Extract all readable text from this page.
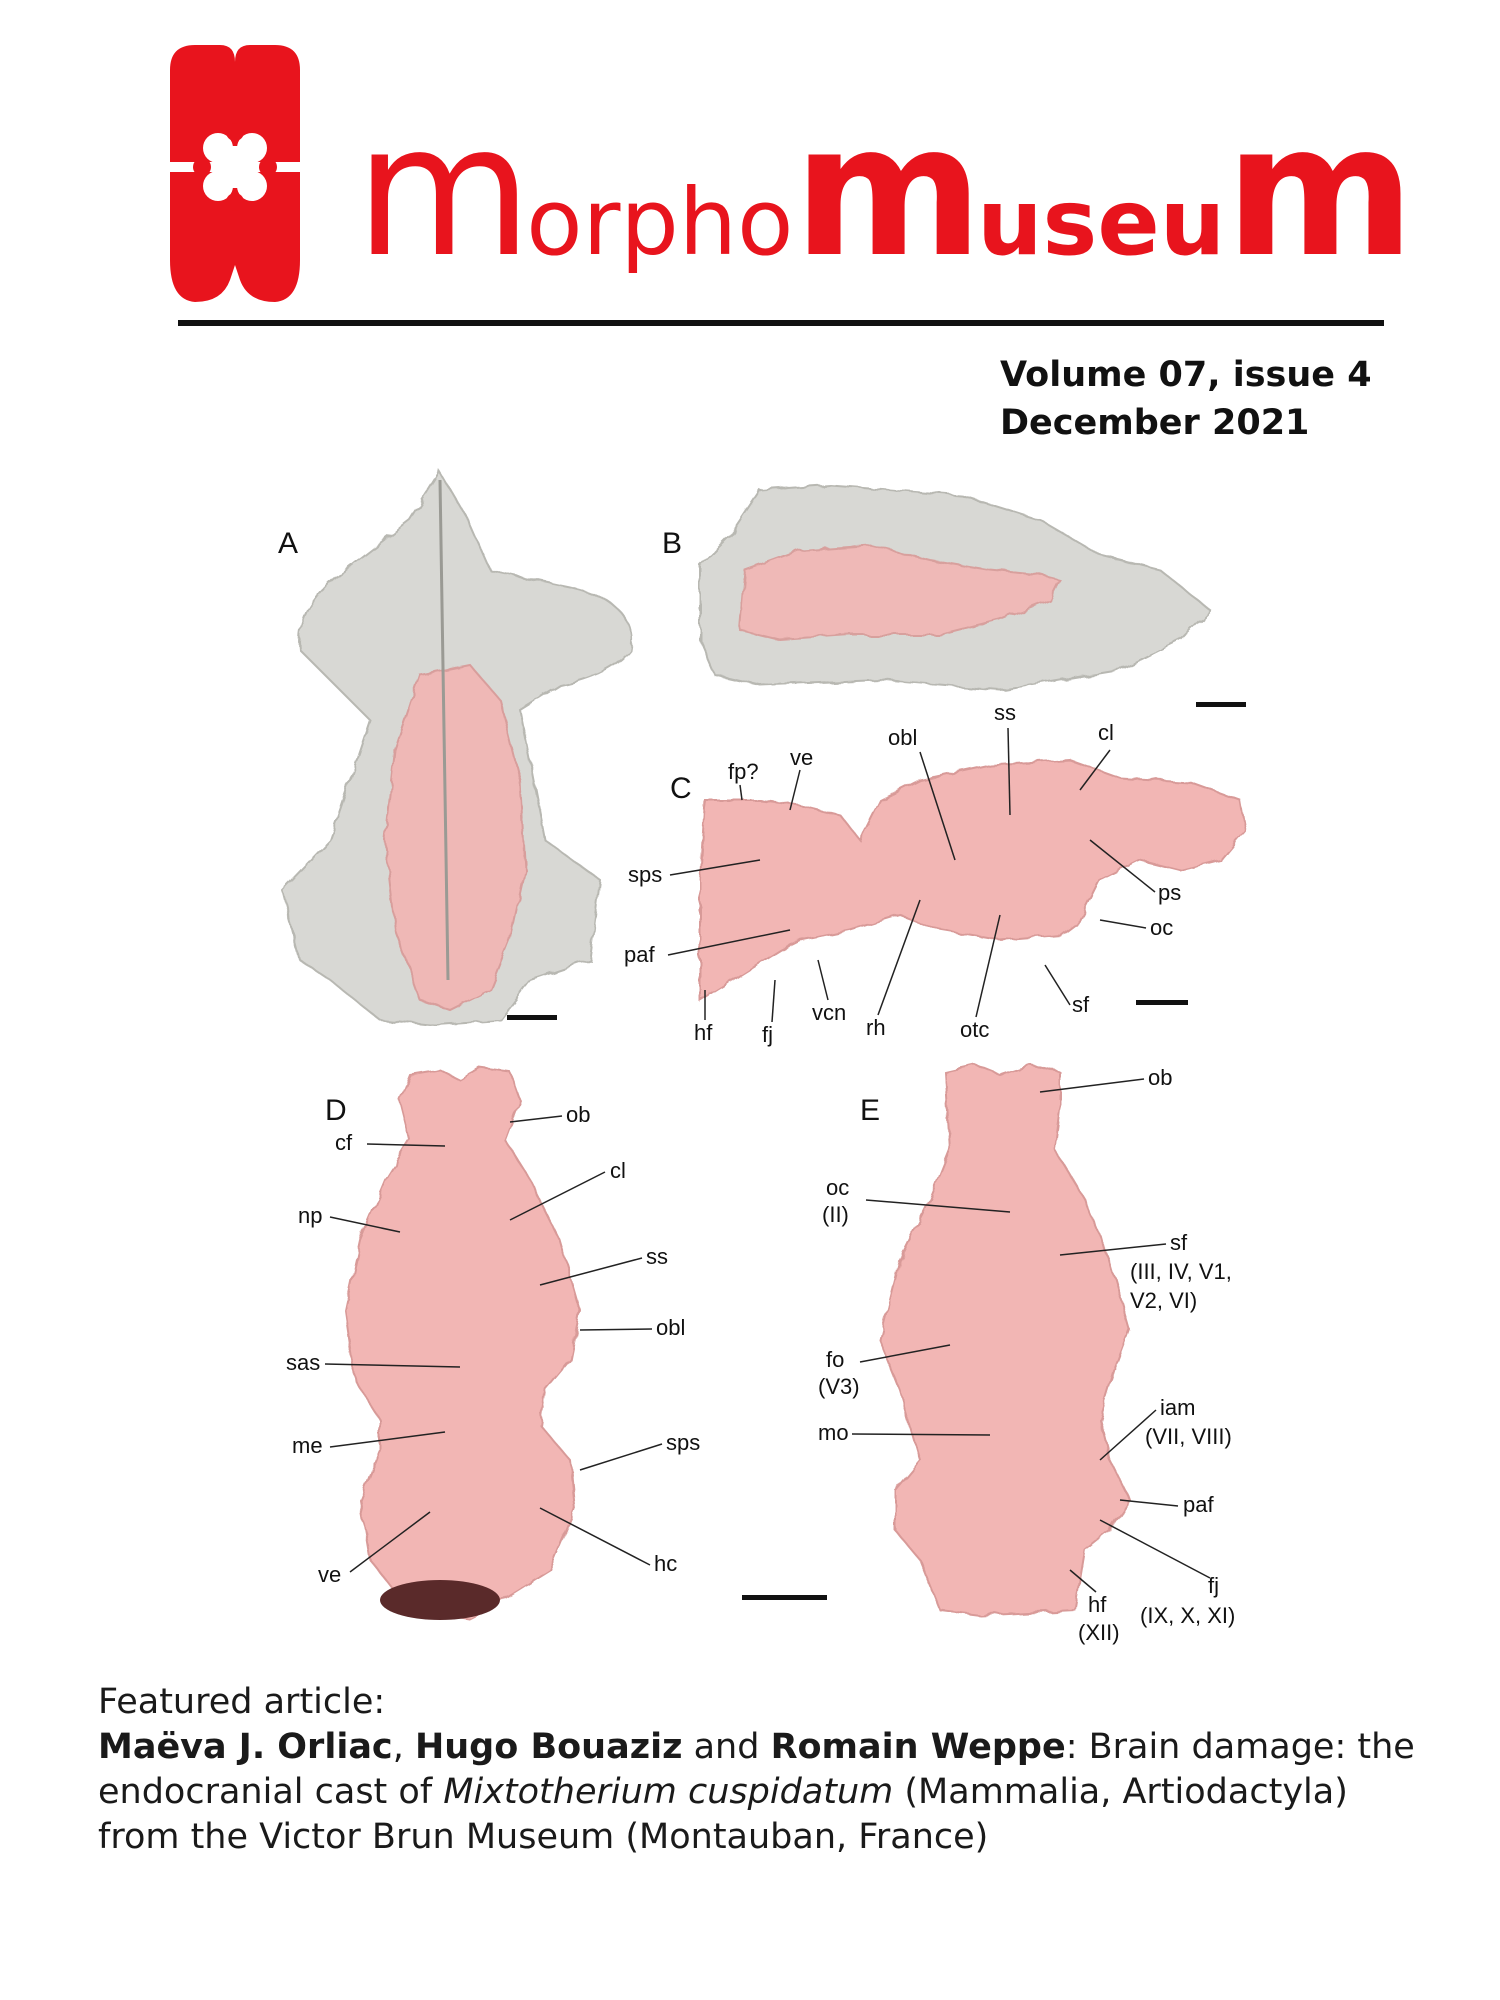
morphomuseum
Volume 07, issue 4
December 2021
A	B
C
fp?
ve
obl
ss
cl
sps
ps
oc
paf
sf
hf fj
vcn
rh	otc
D	ob
cf
cl
np
ss
obl
sas
me	sps
hc
ve
E
ob
oc
(II)
sf
(III, IV, V1,
V2, VI)
fo
(V3)
mo
iam
(VII, VIII)
paf
fj
(IX, X, XI)
hf
(XII)
Featured article:
Maëva J. Orliac, Hugo Bouaziz and Romain Weppe: Brain damage: the endocranial cast of Mixtotherium cuspidatum (Mammalia, Artiodactyla) from the Victor Brun Museum (Montauban, France)
